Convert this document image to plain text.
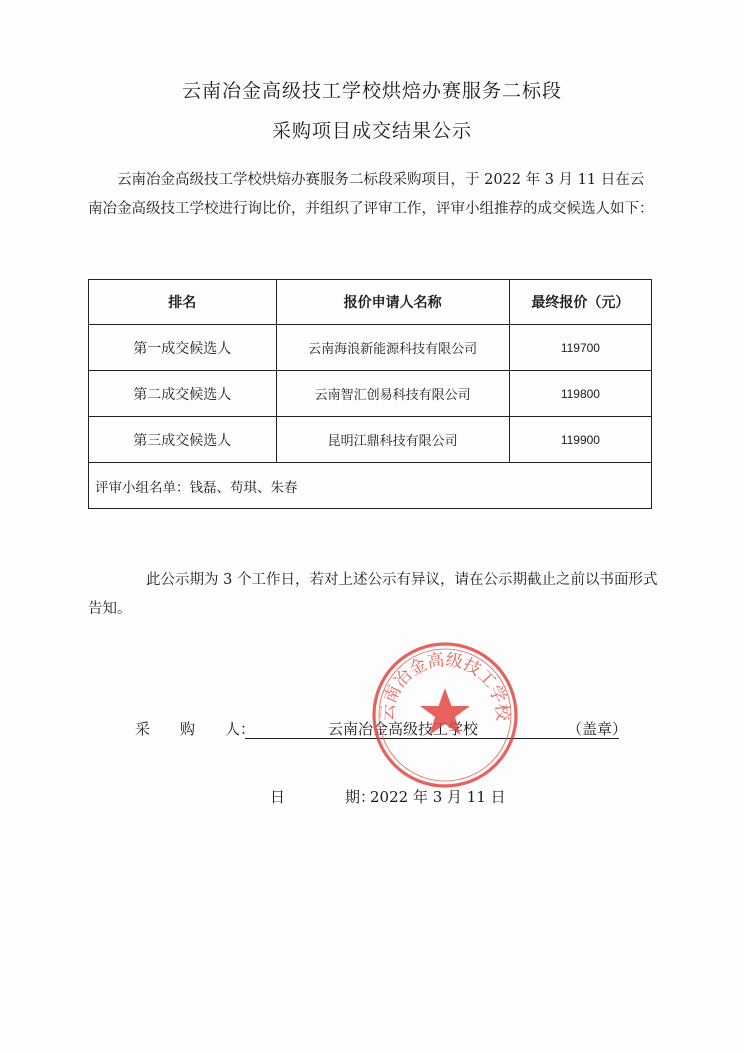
云南冶金高级技工学校烘焙办赛服务二标段
采购项目成交结果公示
云南冶金高级技工学校烘焙办赛服务二标段采购项目，于 2022 年 3 月 11 日在云南冶金高级技工学校进行询比价，并组织了评审工作，评审小组推荐的成交候选人如下：
排名	报价申请人名称	最终报价（元）
第一成交候选人	云南海浪新能源科技有限公司	119700
第二成交候选人	云南智汇创易科技有限公司	119800
第三成交候选人	昆明江鼎科技有限公司	119900
评审小组名单：钱磊、苟琪、朱春		
此公示期为 3 个工作日，若对上述公示有异议，请在公示期截止之前以书面形式告知。
采　　购　　人：	云南冶金高级技工学校	（盖章）
日　　　　期：
2022 年 3 月 11 日
云南冶金高级技工学校
